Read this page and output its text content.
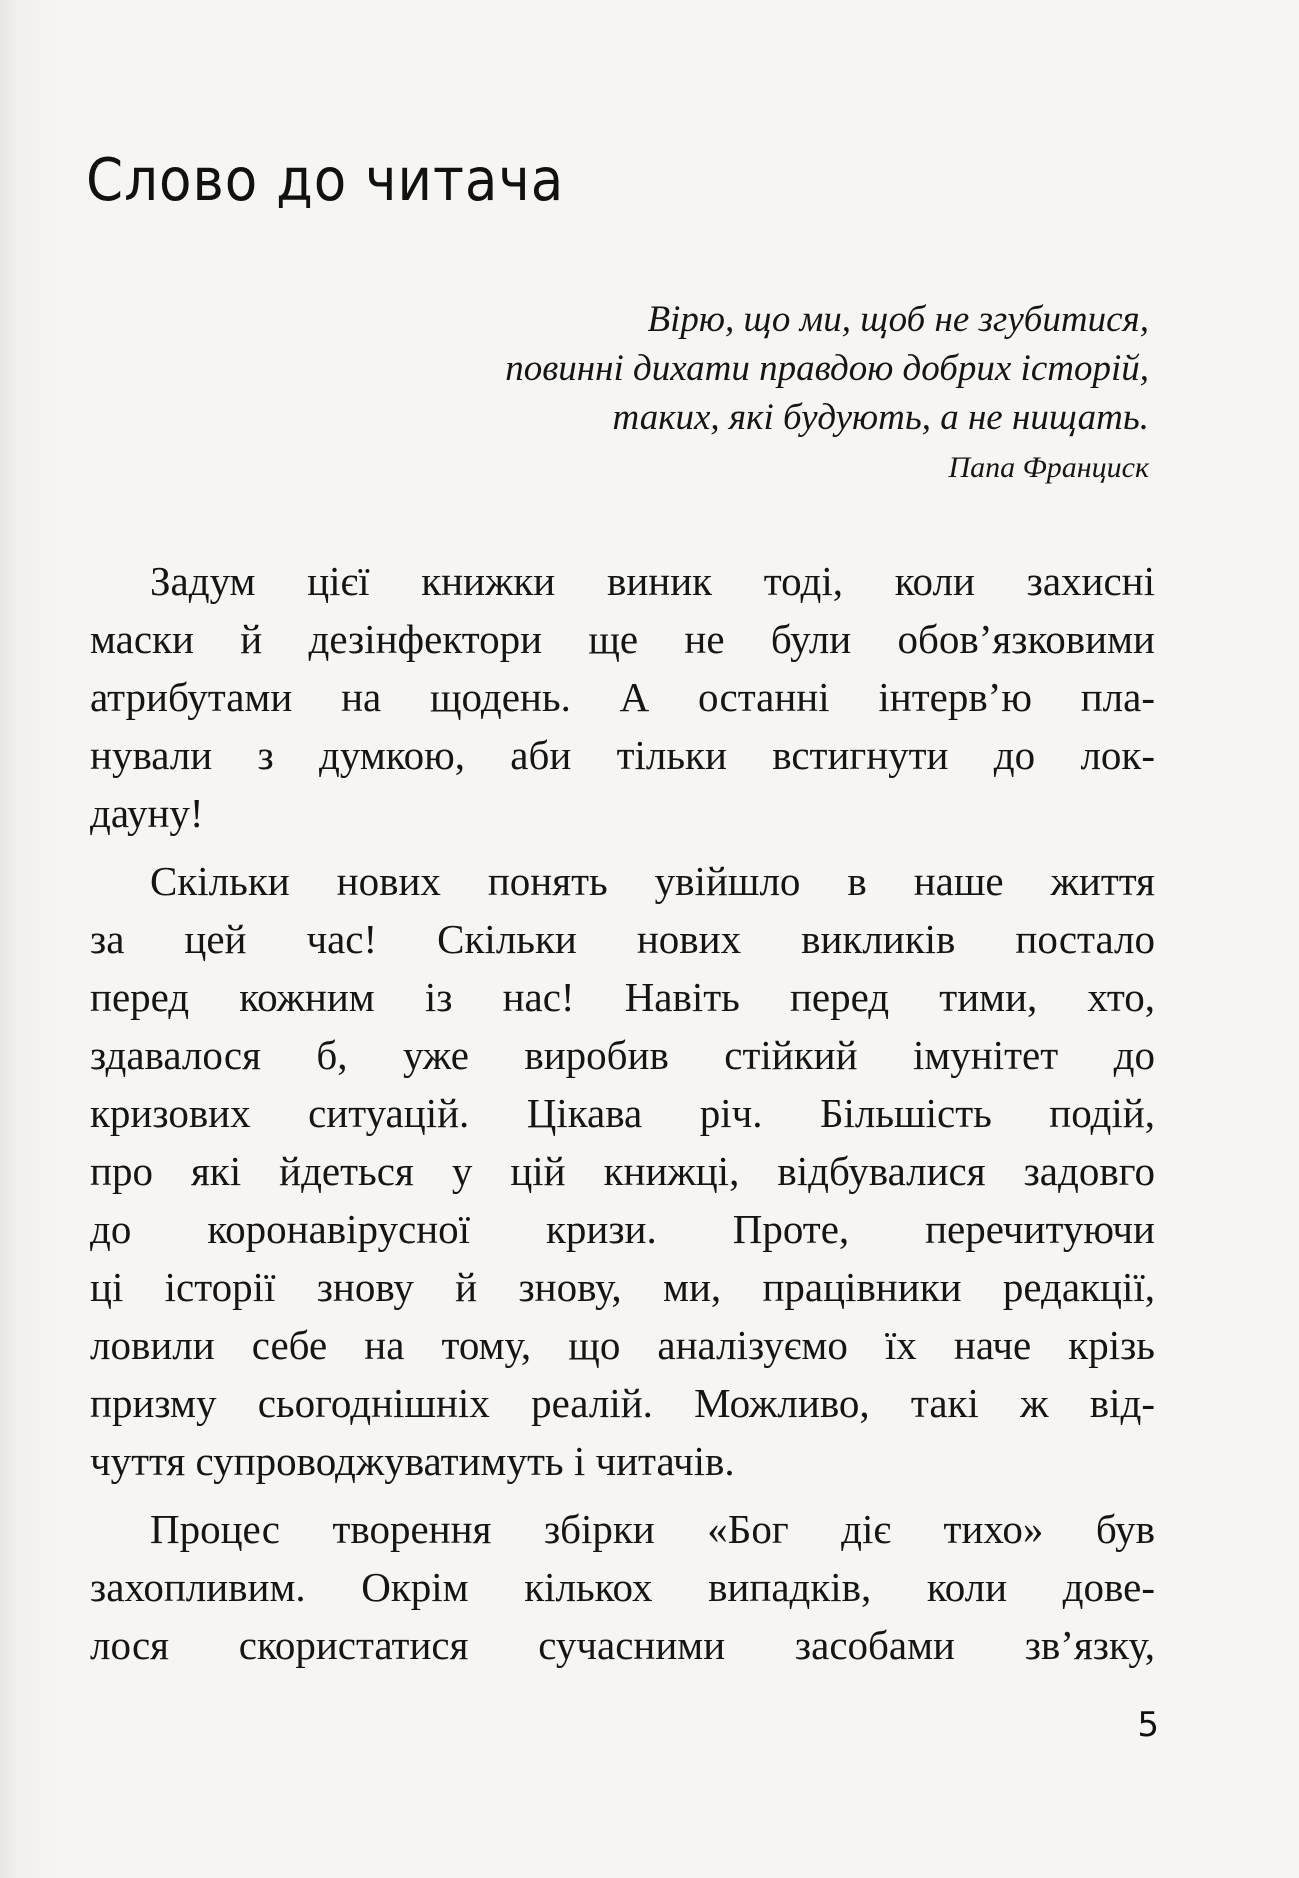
Слово до читача
Вірю, що ми, щоб не згубитися,
повинні дихати правдою добрих історій,
таких, які будують, а не нищать.
Папа Франциск

Задум цієї книжки виник тоді, коли захисні
маски й дезінфектори ще не були обов’язковими
атрибутами на щодень. А останні інтерв’ю пла-
нували з думкою, аби тільки встигнути до лок-
дауну!

Скільки нових понять увійшло в наше життя
за цей час! Скільки нових викликів постало
перед кожним із нас! Навіть перед тими, хто,
здавалося б, уже виробив стійкий імунітет до
кризових ситуацій. Цікава річ. Більшість подій,
про які йдеться у цій книжці, відбувалися задовго
до коронавірусної кризи. Проте, перечитуючи
ці історії знову й знову, ми, працівники редакції,
ловили себе на тому, що аналізуємо їх наче крізь
призму сьогоднішніх реалій. Можливо, такі ж від-
чуття супроводжуватимуть і читачів.

Процес творення збірки «Бог діє тихо» був
захопливим. Окрім кількох випадків, коли дове-
лося скористатися сучасними засобами зв’язку,

5
